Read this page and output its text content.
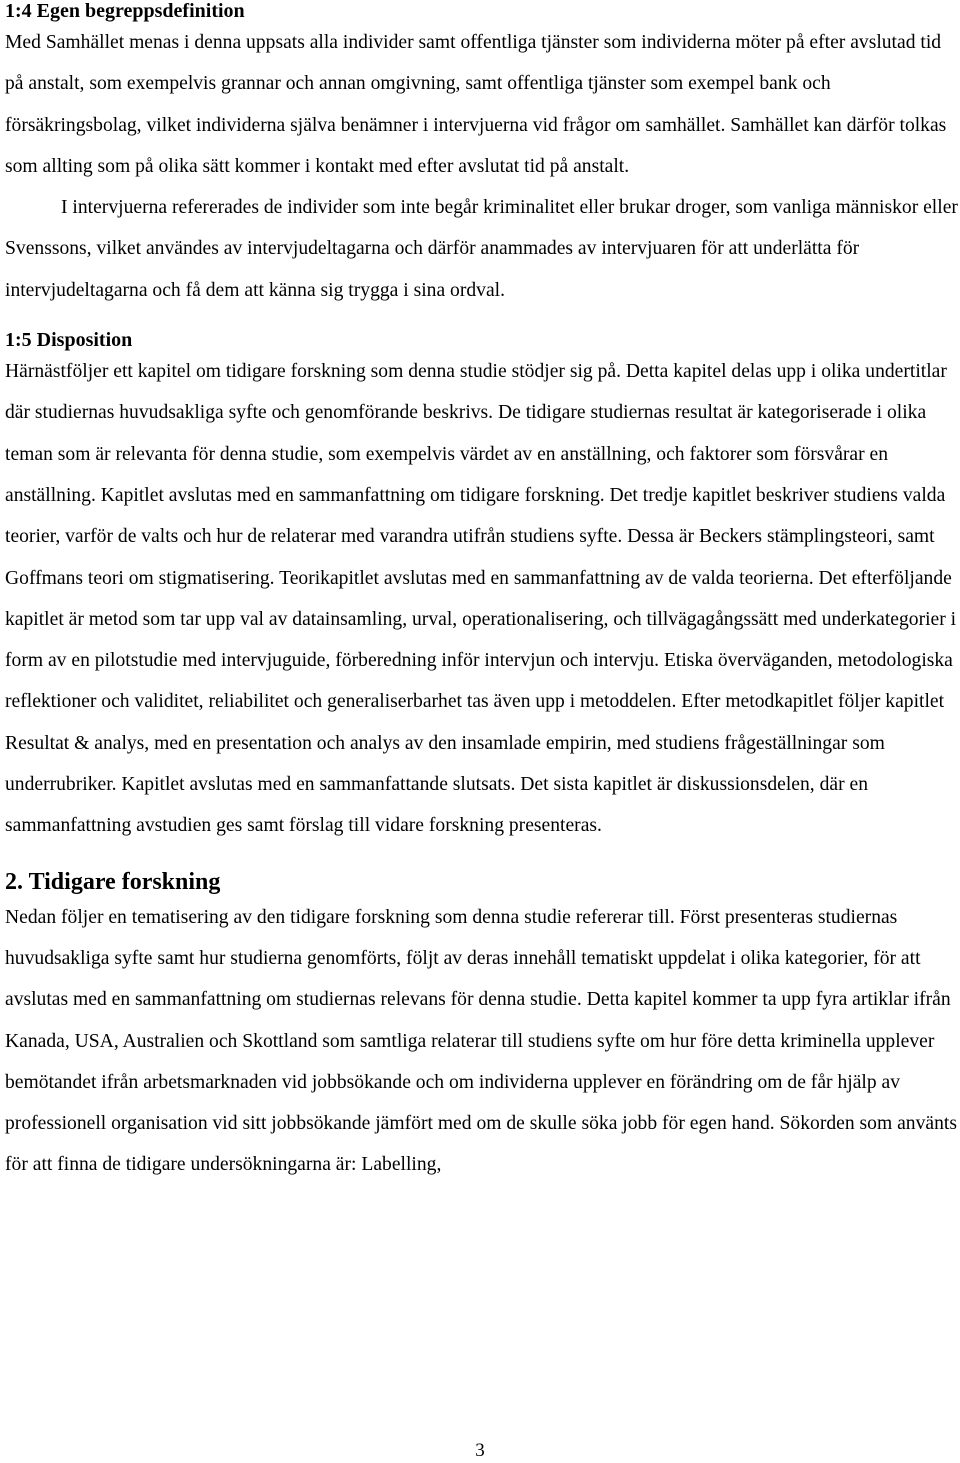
1:4 Egen begreppsdefinition

Med Samhället menas i denna uppsats alla individer samt offentliga tjänster som individerna möter på efter avslutad tid på anstalt, som exempelvis grannar och annan omgivning, samt offentliga tjänster som exempel bank och försäkringsbolag, vilket individerna själva benämner i intervjuerna vid frågor om samhället. Samhället kan därför tolkas som allting som på olika sätt kommer i kontakt med efter avslutat tid på anstalt.

I intervjuerna refererades de individer som inte begår kriminalitet eller brukar droger, som vanliga människor eller Svenssons, vilket användes av intervjudeltagarna och därför anammades av intervjuaren för att underlätta för intervjudeltagarna och få dem att känna sig trygga i sina ordval.

1:5 Disposition

Härnästföljer ett kapitel om tidigare forskning som denna studie stödjer sig på. Detta kapitel delas upp i olika undertitlar där studiernas huvudsakliga syfte och genomförande beskrivs. De tidigare studiernas resultat är kategoriserade i olika teman som är relevanta för denna studie, som exempelvis värdet av en anställning, och faktorer som försvårar en anställning. Kapitlet avslutas med en sammanfattning om tidigare forskning. Det tredje kapitlet beskriver studiens valda teorier, varför de valts och hur de relaterar med varandra utifrån studiens syfte. Dessa är Beckers stämplingsteori, samt Goffmans teori om stigmatisering. Teorikapitlet avslutas med en sammanfattning av de valda teorierna. Det efterföljande kapitlet är metod som tar upp val av datainsamling, urval, operationalisering, och tillvägagångssätt med underkategorier i form av en pilotstudie med intervjuguide, förberedning inför intervjun och intervju. Etiska överväganden, metodologiska reflektioner och validitet, reliabilitet och generaliserbarhet tas även upp i metoddelen. Efter metodkapitlet följer kapitlet Resultat & analys, med en presentation och analys av den insamlade empirin, med studiens frågeställningar som underrubriker. Kapitlet avslutas med en sammanfattande slutsats. Det sista kapitlet är diskussionsdelen, där en sammanfattning avstudien ges samt förslag till vidare forskning presenteras.

2. Tidigare forskning

Nedan följer en tematisering av den tidigare forskning som denna studie refererar till. Först presenteras studiernas huvudsakliga syfte samt hur studierna genomförts, följt av deras innehåll tematiskt uppdelat i olika kategorier, för att avslutas med en sammanfattning om studiernas relevans för denna studie. Detta kapitel kommer ta upp fyra artiklar ifrån Kanada, USA, Australien och Skottland som samtliga relaterar till studiens syfte om hur före detta kriminella upplever bemötandet ifrån arbetsmarknaden vid jobbsökande och om individerna upplever en förändring om de får hjälp av professionell organisation vid sitt jobbsökande jämfört med om de skulle söka jobb för egen hand. Sökorden som använts för att finna de tidigare undersökningarna är: Labelling,

3
